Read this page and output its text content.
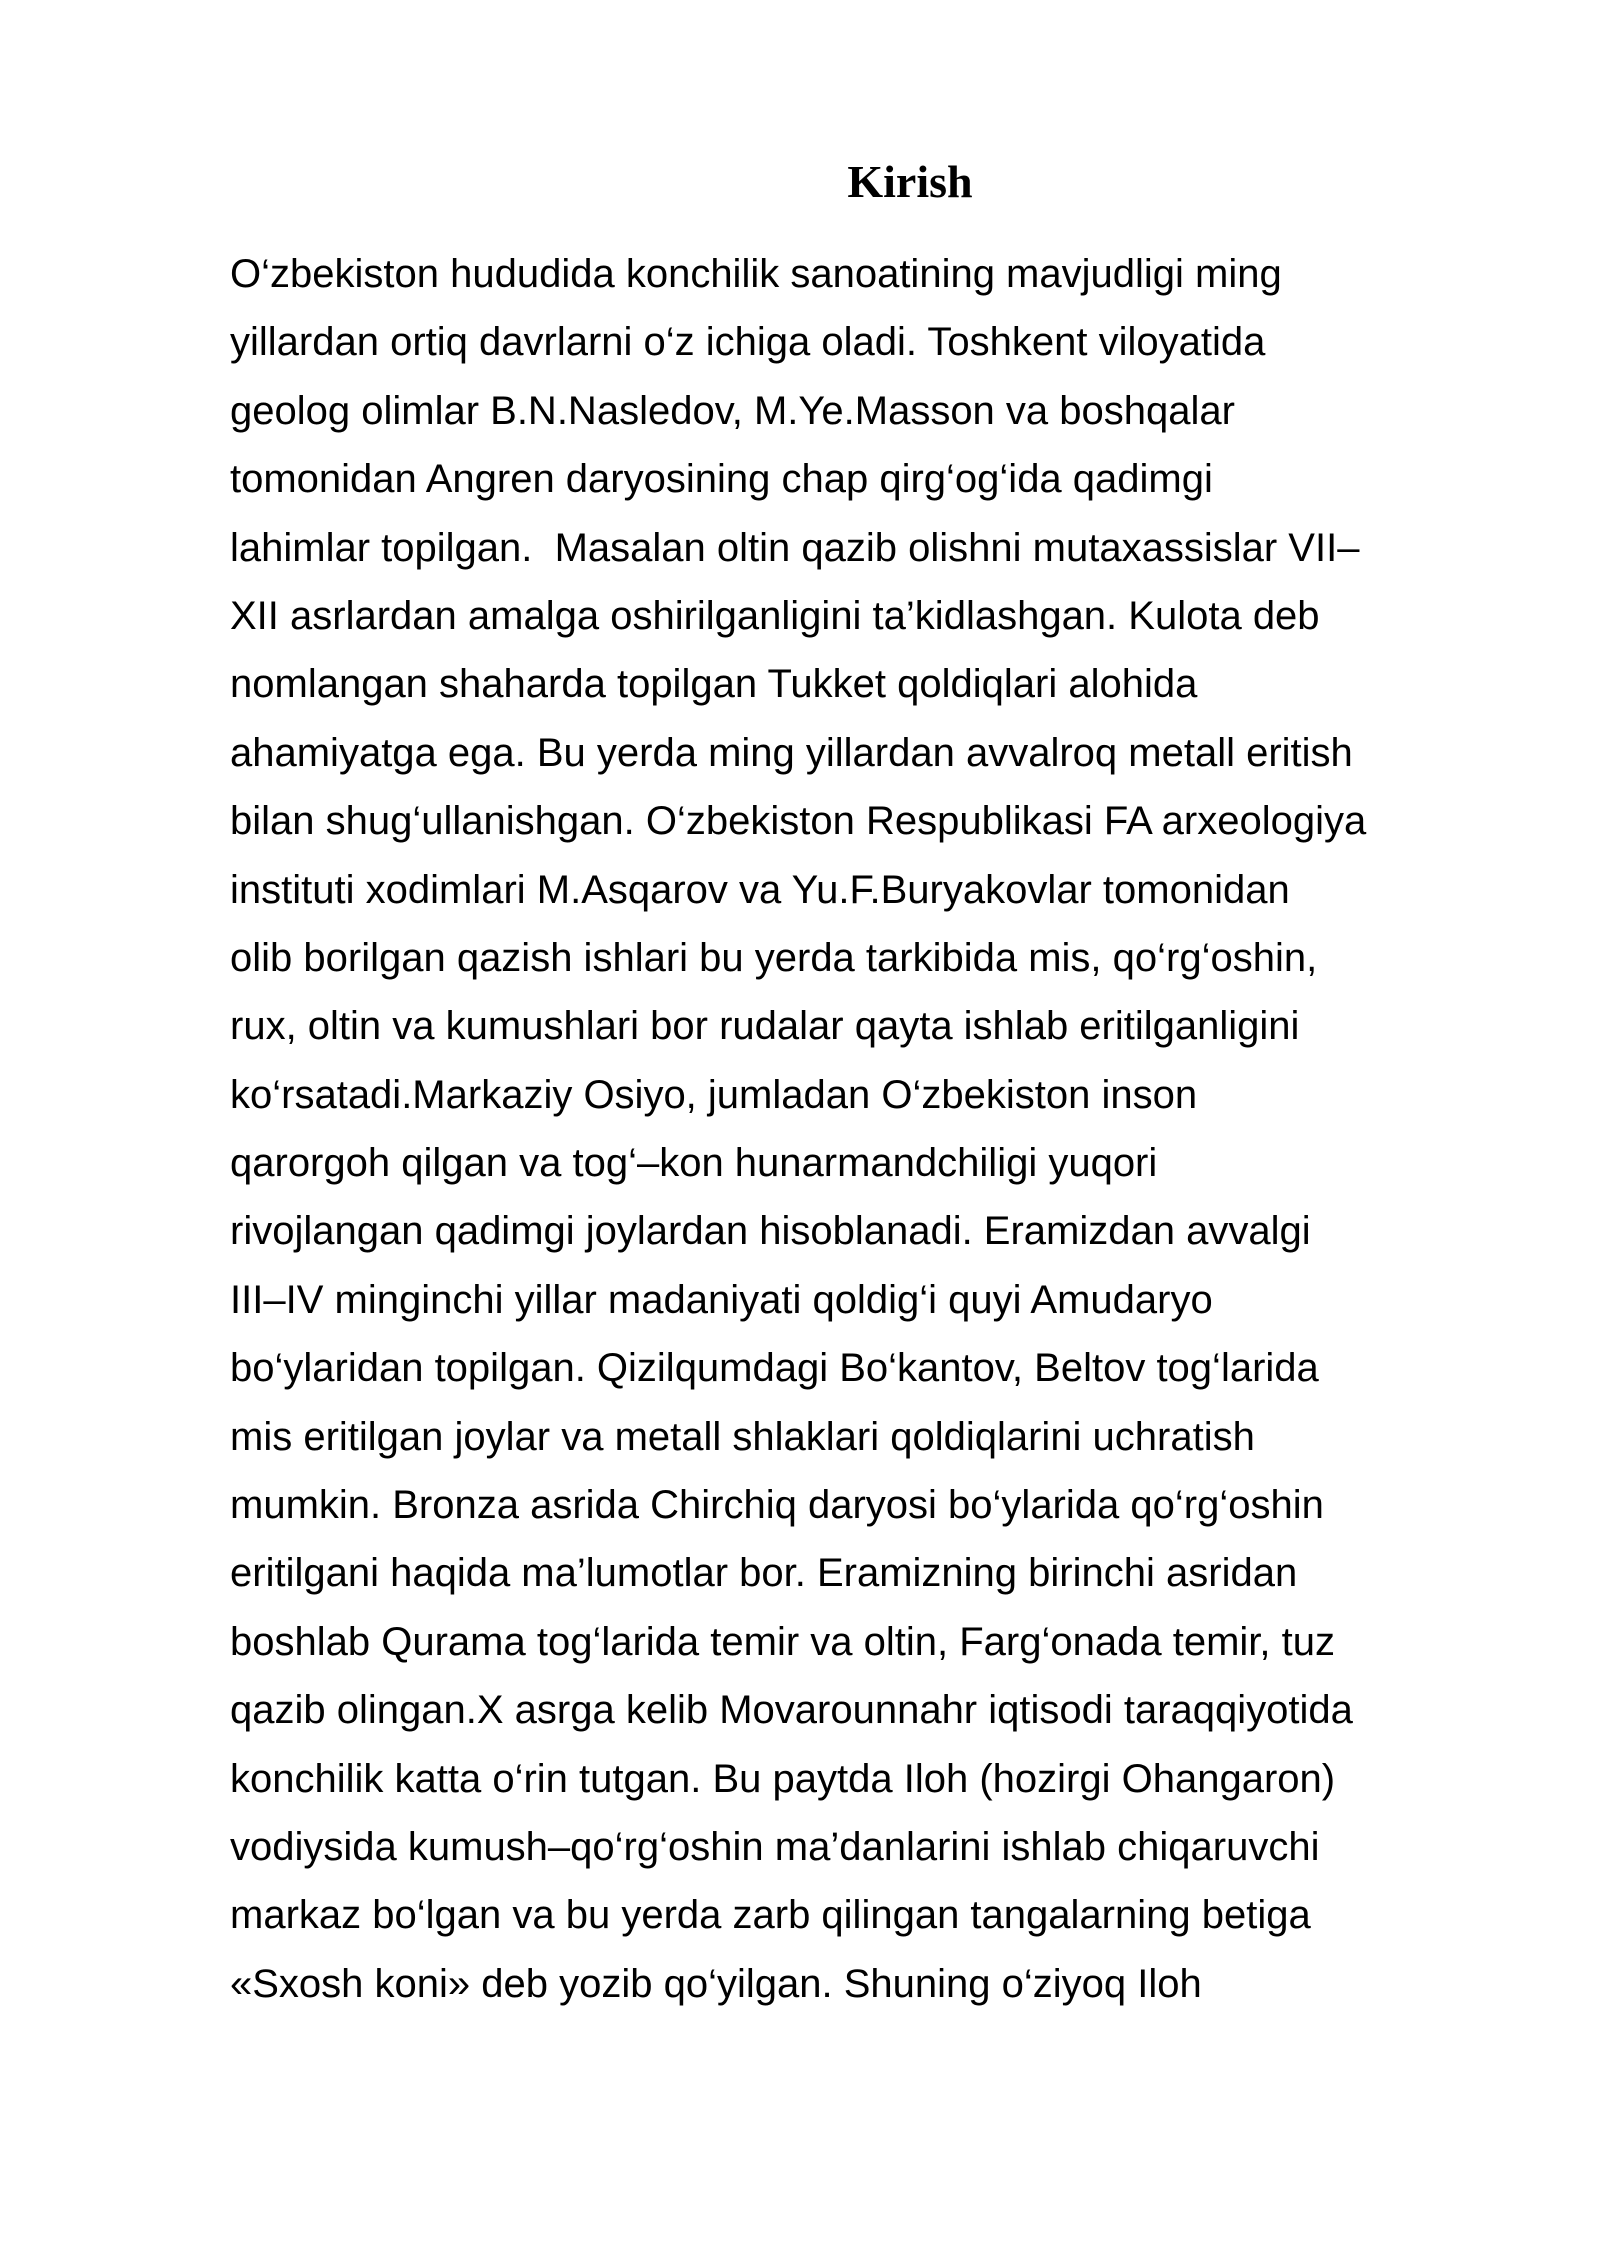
Kirish
O‘zbekiston hududida konchilik sanoatining mavjudligi ming
yillardan ortiq davrlarni o‘z ichiga oladi. Toshkent viloyatida
geolog olimlar B.N.Nasledov, M.Ye.Masson va boshqalar
tomonidan Angren daryosining chap qirg‘og‘ida qadimgi
lahimlar topilgan.  Masalan oltin qazib olishni mutaxassislar VII–
XII asrlardan amalga oshirilganligini ta’kidlashgan. Kulota deb
nomlangan shaharda topilgan Tukket qoldiqlari alohida
ahamiyatga ega. Bu yerda ming yillardan avvalroq metall eritish
bilan shug‘ullanishgan. O‘zbekiston Respublikasi FA arxeologiya
instituti xodimlari M.Asqarov va Yu.F.Buryakovlar tomonidan
olib borilgan qazish ishlari bu yerda tarkibida mis, qo‘rg‘oshin,
rux, oltin va kumushlari bor rudalar qayta ishlab eritilganligini
ko‘rsatadi.Markaziy Osiyo, jumladan O‘zbekiston inson
qarorgoh qilgan va tog‘–kon hunarmandchiligi yuqori
rivojlangan qadimgi joylardan hisoblanadi. Eramizdan avvalgi
III–IV minginchi yillar madaniyati qoldig‘i quyi Amudaryo
bo‘ylaridan topilgan. Qizilqumdagi Bo‘kantov, Beltov tog‘larida
mis eritilgan joylar va metall shlaklari qoldiqlarini uchratish
mumkin. Bronza asrida Chirchiq daryosi bo‘ylarida qo‘rg‘oshin
eritilgani haqida ma’lumotlar bor. Eramizning birinchi asridan
boshlab Qurama tog‘larida temir va oltin, Farg‘onada temir, tuz
qazib olingan.X asrga kelib Movarounnahr iqtisodi taraqqiyotida
konchilik katta o‘rin tutgan. Bu paytda Iloh (hozirgi Ohangaron)
vodiysida kumush–qo‘rg‘oshin ma’danlarini ishlab chiqaruvchi
markaz bo‘lgan va bu yerda zarb qilingan tangalarning betiga
«Sxosh koni» deb yozib qo‘yilgan. Shuning o‘ziyoq Iloh
